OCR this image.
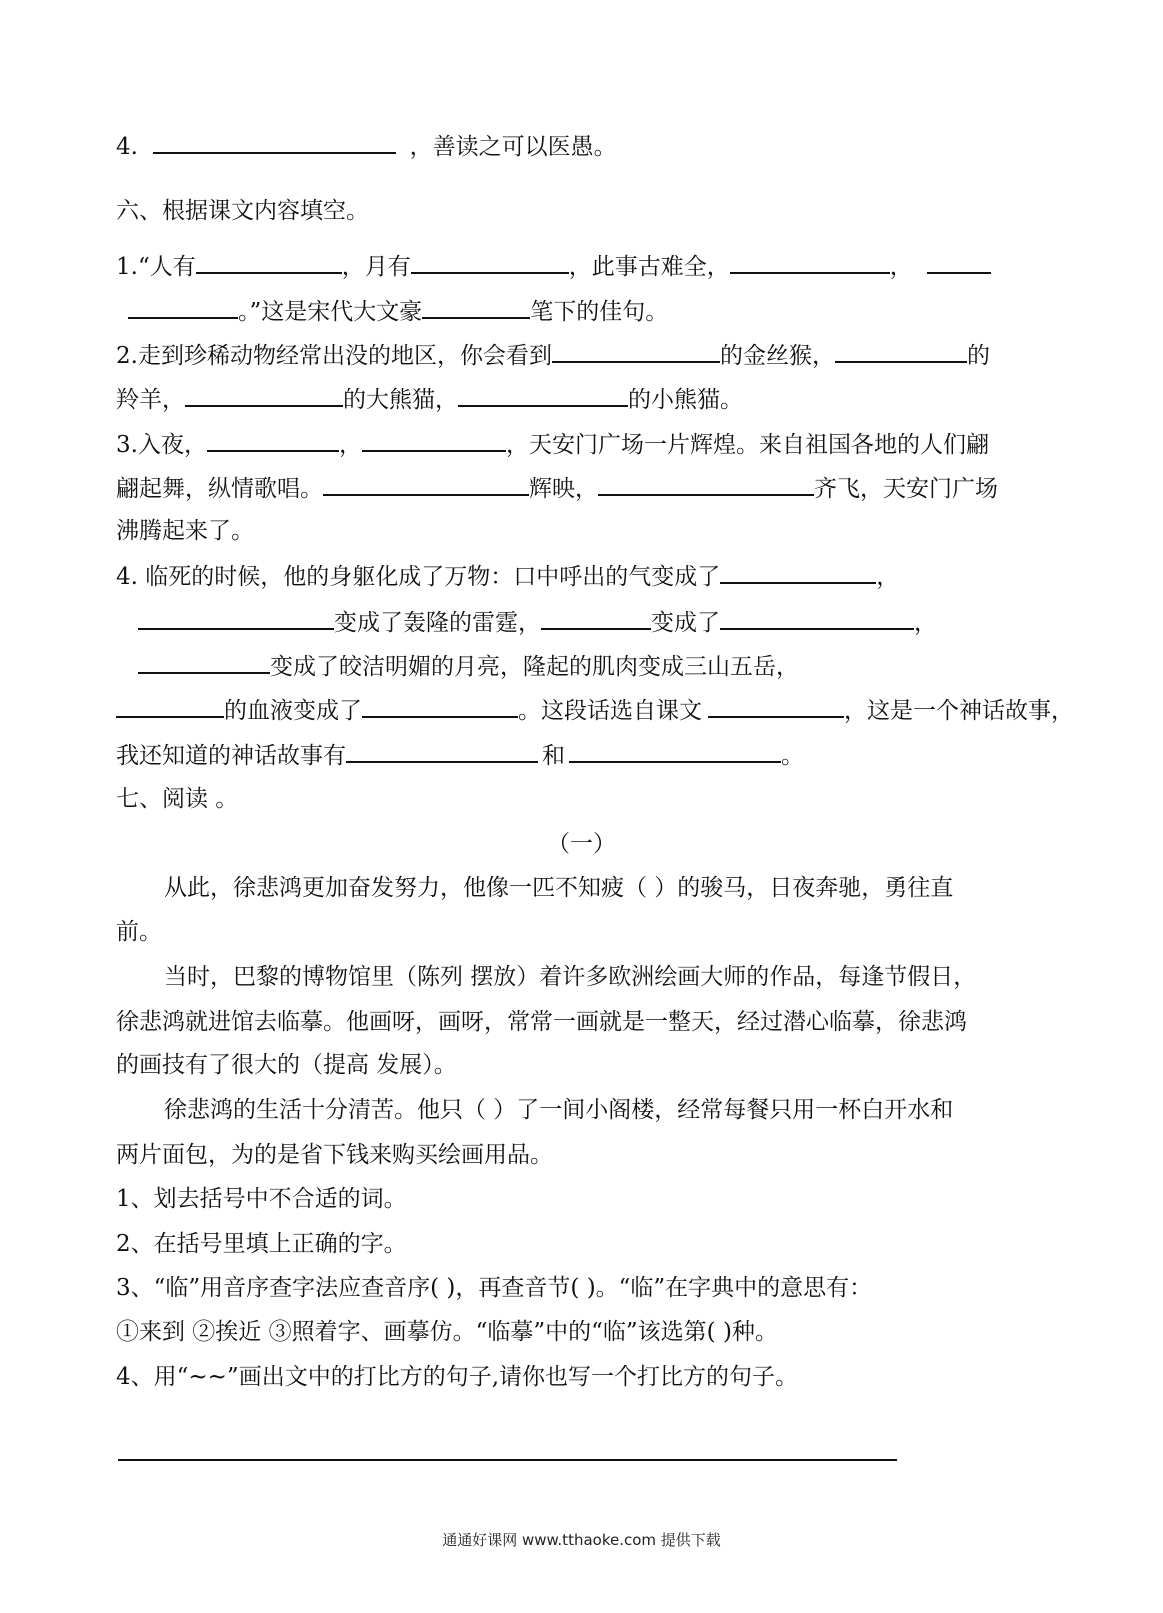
4.	，善读之可以医愚。
六、根据课文内容填空。
1.“人有	，月有	，此事古难全，	，
。”这是宋代大文豪	笔下的佳句。
2.走到珍稀动物经常出没的地区，你会看到	的金丝猴，	的
羚羊，	的大熊猫，	的小熊猫。
3.入夜，	，	，天安门广场一片辉煌。来自祖国各地的人们翩
翩起舞，纵情歌唱。	辉映，	齐飞，天安门广场
沸腾起来了。
4. 临死的时候，他的身躯化成了万物：口中呼出的气变成了	，
变成了轰隆的雷霆，	变成了	，
变成了皎洁明媚的月亮，隆起的肌肉变成三山五岳，
的血液变成了	。这段话选自课文	，这是一个神话故事，
我还知道的神话故事有	和	。
七、阅读 。
（一）
从此，徐悲鸿更加奋发努力，他像一匹不知疲（ ）的骏马，日夜奔驰，勇往直
前。
当时，巴黎的博物馆里（陈列 摆放）着许多欧洲绘画大师的作品，每逢节假日，
徐悲鸿就进馆去临摹。他画呀，画呀，常常一画就是一整天，经过潜心临摹，徐悲鸿
的画技有了很大的（提高 发展）。
徐悲鸿的生活十分清苦。他只（ ）了一间小阁楼，经常每餐只用一杯白开水和
两片面包，为的是省下钱来购买绘画用品。
1、划去括号中不合适的词。
2、在括号里填上正确的字。
3、“临”用音序查字法应查音序( )，再查音节( )。“临”在字典中的意思有：
①来到 ②挨近 ③照着字、画摹仿。“临摹”中的“临”该选第( )种。
4、用“~~”画出文中的打比方的句子,请你也写一个打比方的句子。
通通好课网 www.tthaoke.com 提供下载
